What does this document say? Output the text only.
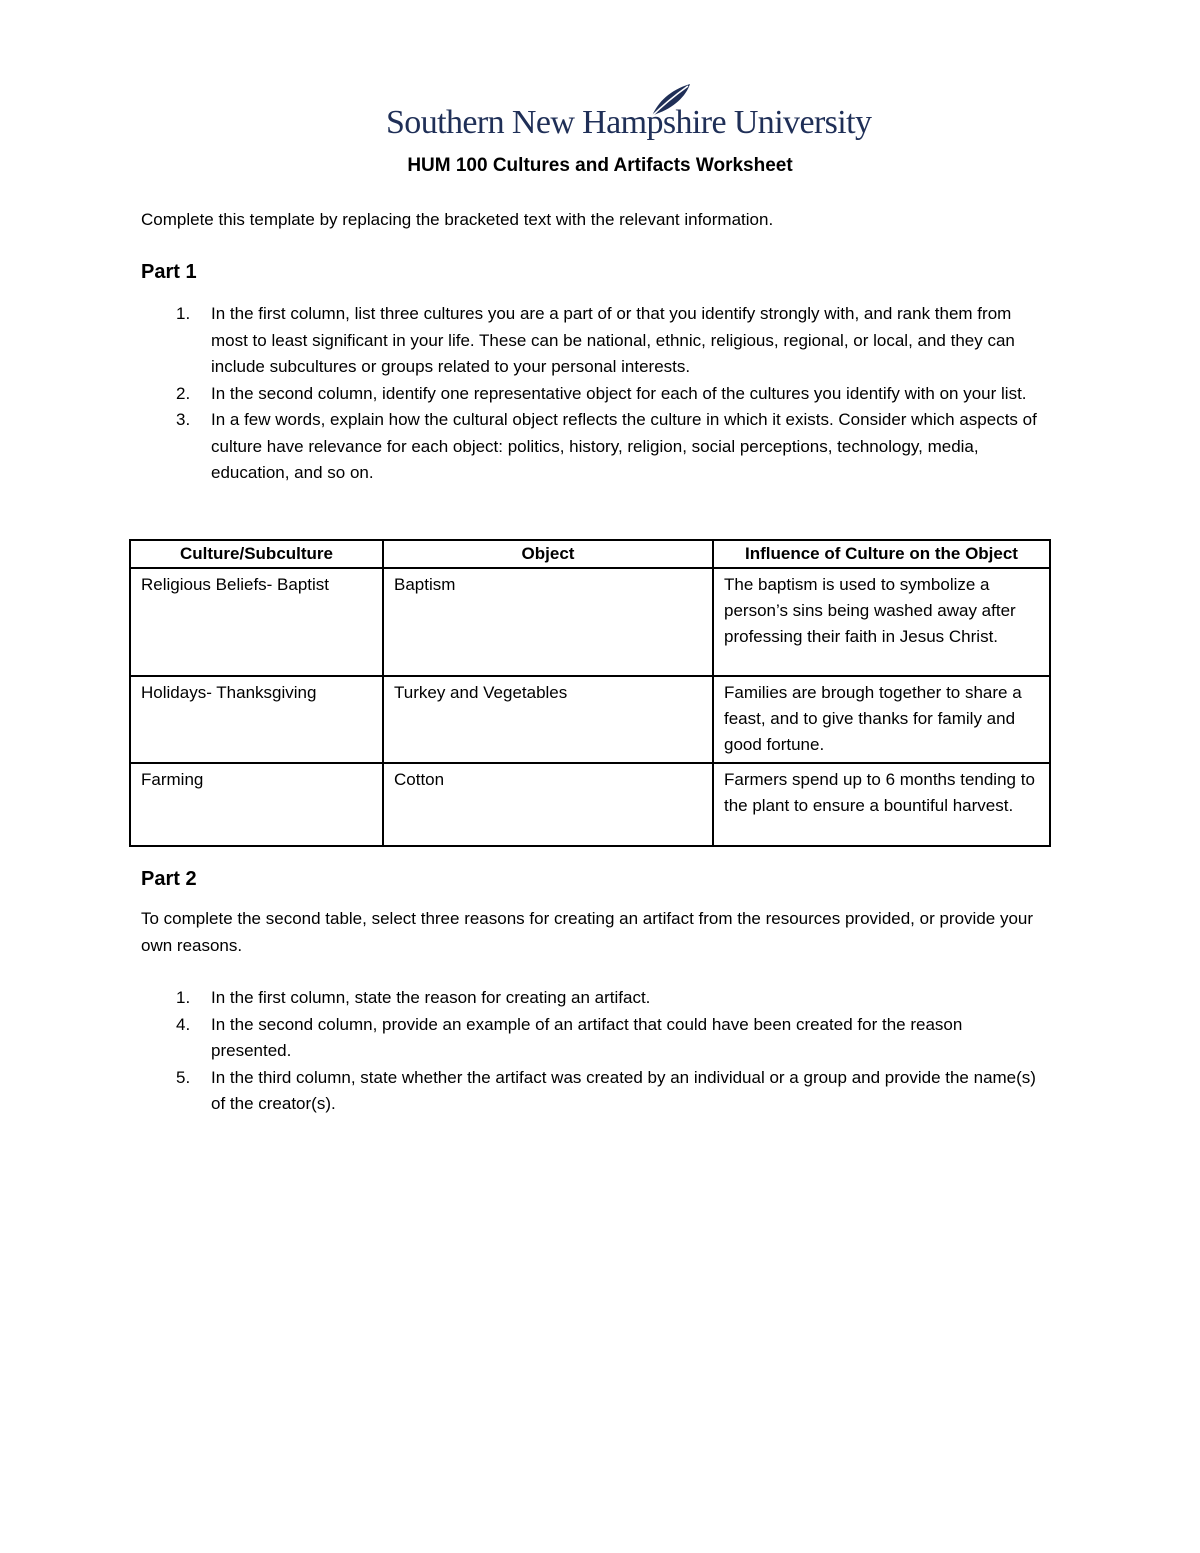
Southern New Hampshire University
HUM 100 Cultures and Artifacts Worksheet
Complete this template by replacing the bracketed text with the relevant information.
Part 1
1. In the first column, list three cultures you are a part of or that you identify strongly with, and rank them from most to least significant in your life. These can be national, ethnic, religious, regional, or local, and they can include subcultures or groups related to your personal interests.
2. In the second column, identify one representative object for each of the cultures you identify with on your list.
3. In a few words, explain how the cultural object reflects the culture in which it exists. Consider which aspects of culture have relevance for each object: politics, history, religion, social perceptions, technology, media, education, and so on.
Culture/Subculture	Object	Influence of Culture on the Object
Religious Beliefs- Baptist	Baptism	The baptism is used to symbolize a person’s sins being washed away after professing their faith in Jesus Christ.
Holidays- Thanksgiving	Turkey and Vegetables	Families are brough together to share a feast, and to give thanks for family and good fortune.
Farming	Cotton	Farmers spend up to 6 months tending to the plant to ensure a bountiful harvest.
Part 2
To complete the second table, select three reasons for creating an artifact from the resources provided, or provide your own reasons.
1. In the first column, state the reason for creating an artifact.
4. In the second column, provide an example of an artifact that could have been created for the reason presented.
5. In the third column, state whether the artifact was created by an individual or a group and provide the name(s) of the creator(s).
